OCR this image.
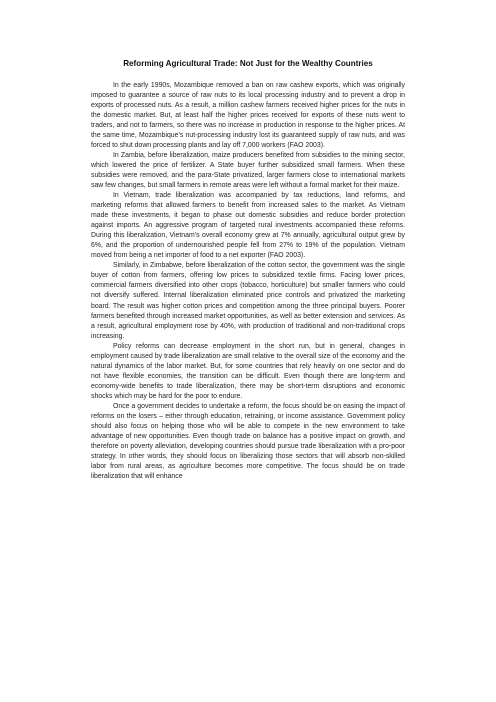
Reforming Agricultural Trade: Not Just for the Wealthy Countries

In the early 1990s, Mozambique removed a ban on raw cashew exports, which was originally imposed to guarantee a source of raw nuts to its local processing industry and to prevent a drop in exports of processed nuts. As a result, a million cashew farmers received higher prices for the nuts in the domestic market. But, at least half the higher prices received for exports of these nuts went to traders, and not to farmers, so there was no increase in production in response to the higher prices. At the same time, Mozambique’s nut-processing industry lost its guaranteed supply of raw nuts, and was forced to shut down processing plants and lay off 7,000 workers (FAO 2003).

In Zambia, before liberalization, maize producers benefited from subsidies to the mining sector, which lowered the price of fertilizer. A State buyer further subsidized small farmers. When these subsidies were removed, and the para-State privatized, larger farmers close to international markets saw few changes, but small farmers in remote areas were left without a formal market for their maize.

In Vietnam, trade liberalization was accompanied by tax reductions, land reforms, and marketing reforms that allowed farmers to benefit from increased sales to the market. As Vietnam made these investments, it began to phase out domestic subsidies and reduce border protection against imports. An aggressive program of targeted rural investments accompanied these reforms. During this liberalization, Vietnam’s overall economy grew at 7% annually, agricultural output grew by 6%, and the proportion of undernourished people fell from 27% to 19% of the population. Vietnam moved from being a net importer of food to a net exporter (FAO 2003).

Similarly, in Zimbabwe, before liberalization of the cotton sector, the government was the single buyer of cotton from farmers, offering low prices to subsidized textile firms. Facing lower prices, commercial farmers diversified into other crops (tobacco, horticulture) but smaller farmers who could not diversify suffered. Internal liberalization eliminated price controls and privatized the marketing board. The result was higher cotton prices and competition among the three principal buyers. Poorer farmers benefited through increased market opportunities, as well as better extension and services. As a result, agricultural employment rose by 40%, with production of traditional and non-traditional crops increasing.

Policy reforms can decrease employment in the short run, but in general, changes in employment caused by trade liberalization are small relative to the overall size of the economy and the natural dynamics of the labor market. But, for some countries that rely heavily on one sector and do not have flexible economies, the transition can be difficult. Even though there are long-term and economy-wide benefits to trade liberalization, there may be short-term disruptions and economic shocks which may be hard for the poor to endure.

Once a government decides to undertake a reform, the focus should be on easing the impact of reforms on the losers – either through education, retraining, or income assistance. Government policy should also focus on helping those who will be able to compete in the new environment to take advantage of new opportunities. Even though trade on balance has a positive impact on growth, and therefore on poverty alleviation, developing countries should pursue trade liberalization with a pro-poor strategy. In other words, they should focus on liberalizing those sectors that will absorb non-skilled labor from rural areas, as agriculture becomes more competitive. The focus should be on trade liberalization that will enhance
